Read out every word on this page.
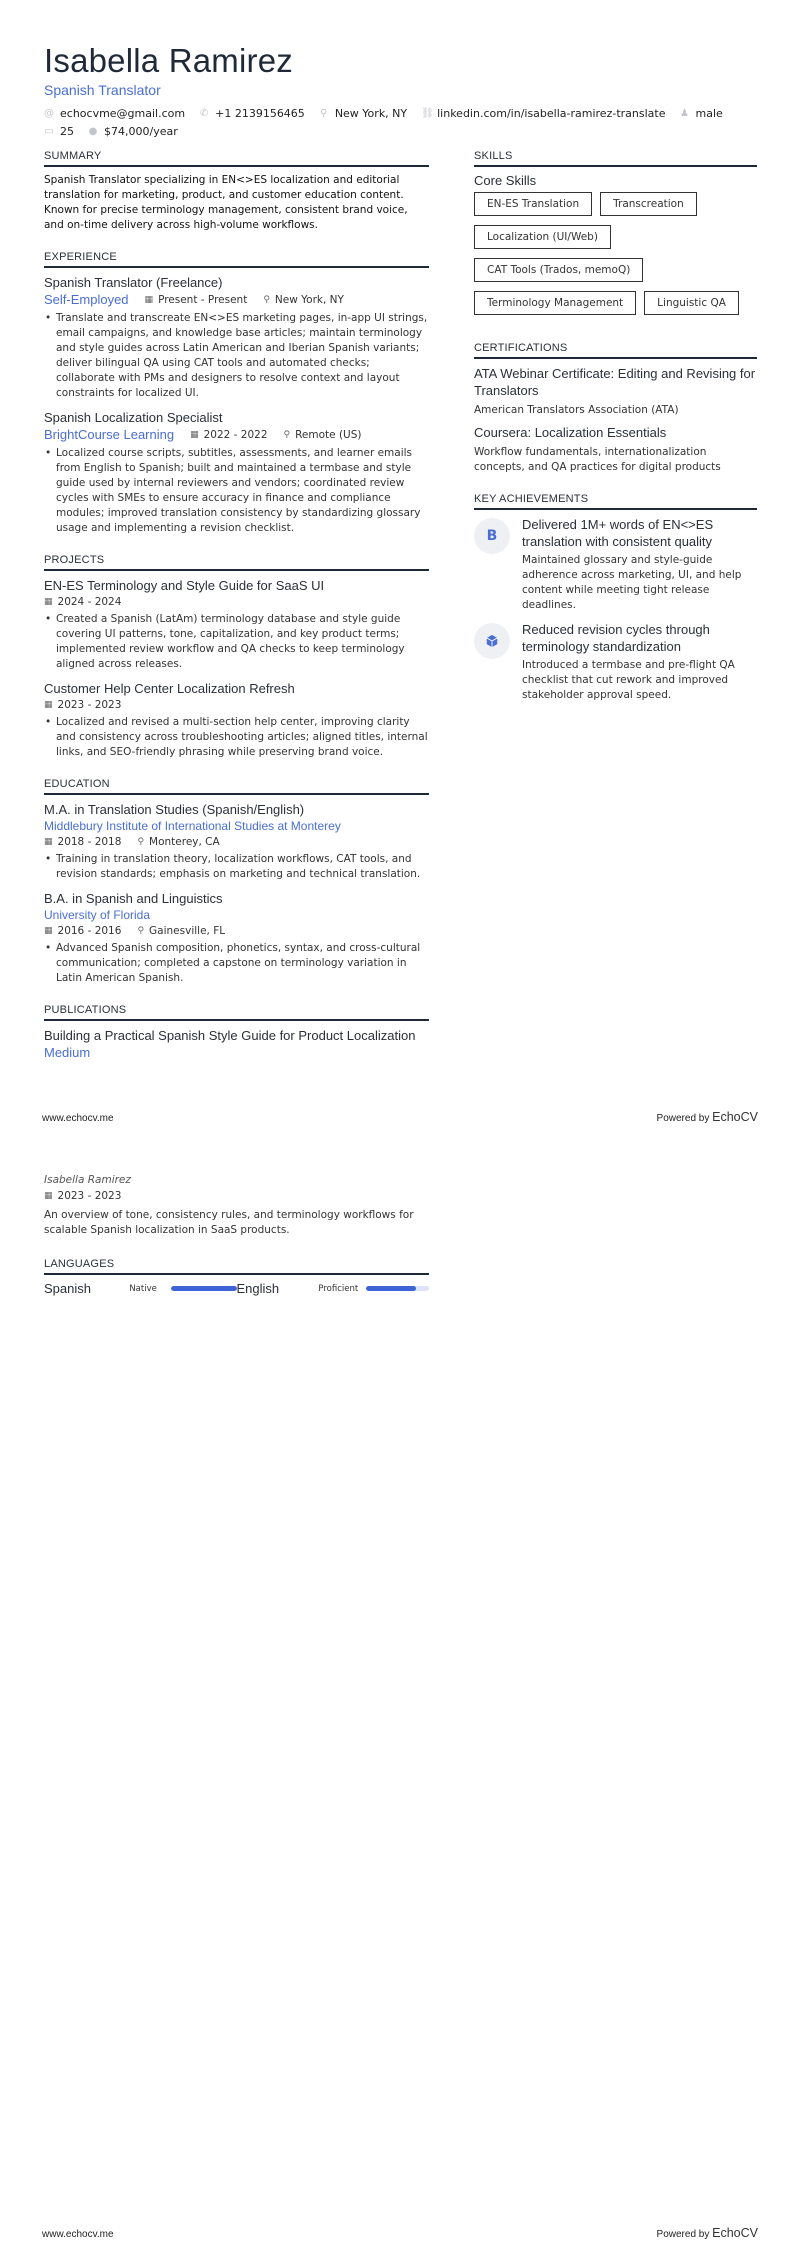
Isabella Ramirez
Spanish Translator
@ echocvme@gmail.com ✆ +1 2139156465 ⚲ New York, NY ⛓ linkedin.com/in/isabella-ramirez-translate ♟ male
▭ 25 ● $74,000/year
SUMMARY
Spanish Translator specializing in EN<>ES localization and editorial translation for marketing, product, and customer education content. Known for precise terminology management, consistent brand voice, and on-time delivery across high-volume workflows.
EXPERIENCE
Spanish Translator (Freelance)
Self-Employed ▦ Present - Present ⚲ New York, NY
• Translate and transcreate EN<>ES marketing pages, in-app UI strings, email campaigns, and knowledge base articles; maintain terminology and style guides across Latin American and Iberian Spanish variants; deliver bilingual QA using CAT tools and automated checks; collaborate with PMs and designers to resolve context and layout constraints for localized UI.
Spanish Localization Specialist
BrightCourse Learning ▦ 2022 - 2022 ⚲ Remote (US)
• Localized course scripts, subtitles, assessments, and learner emails from English to Spanish; built and maintained a termbase and style guide used by internal reviewers and vendors; coordinated review cycles with SMEs to ensure accuracy in finance and compliance modules; improved translation consistency by standardizing glossary usage and implementing a revision checklist.
PROJECTS
EN-ES Terminology and Style Guide for SaaS UI
▦ 2024 - 2024
• Created a Spanish (LatAm) terminology database and style guide covering UI patterns, tone, capitalization, and key product terms; implemented review workflow and QA checks to keep terminology aligned across releases.
Customer Help Center Localization Refresh
▦ 2023 - 2023
• Localized and revised a multi-section help center, improving clarity and consistency across troubleshooting articles; aligned titles, internal links, and SEO-friendly phrasing while preserving brand voice.
EDUCATION
M.A. in Translation Studies (Spanish/English)
Middlebury Institute of International Studies at Monterey
▦ 2018 - 2018 ⚲ Monterey, CA
• Training in translation theory, localization workflows, CAT tools, and revision standards; emphasis on marketing and technical translation.
B.A. in Spanish and Linguistics
University of Florida
▦ 2016 - 2016 ⚲ Gainesville, FL
• Advanced Spanish composition, phonetics, syntax, and cross-cultural communication; completed a capstone on terminology variation in Latin American Spanish.
PUBLICATIONS
Building a Practical Spanish Style Guide for Product Localization
Medium
SKILLS
Core Skills
EN-ES Translation	Transcreation
Localization (UI/Web)
CAT Tools (Trados, memoQ)
Terminology Management	Linguistic QA
CERTIFICATIONS
ATA Webinar Certificate: Editing and Revising for Translators
American Translators Association (ATA)
Coursera: Localization Essentials
Workflow fundamentals, internationalization concepts, and QA practices for digital products
KEY ACHIEVEMENTS
B
Delivered 1M+ words of EN<>ES translation with consistent quality
Maintained glossary and style-guide adherence across marketing, UI, and help content while meeting tight release deadlines.
Reduced revision cycles through terminology standardization
Introduced a termbase and pre-flight QA checklist that cut rework and improved stakeholder approval speed.
www.echocv.me	Powered by EchoCV
Isabella Ramirez
▦ 2023 - 2023
An overview of tone, consistency rules, and terminology workflows for scalable Spanish localization in SaaS products.
LANGUAGES
Spanish	Native	English	Proficient
www.echocv.me	Powered by EchoCV
